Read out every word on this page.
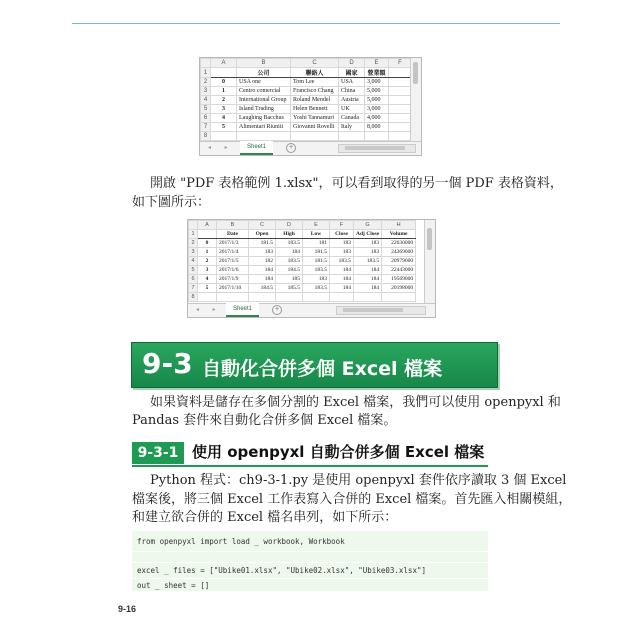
	A	B	C	D	E	F
1		公司	聯絡人	國家	營業額	
2	0	USA one	Tom Lee	USA	3,000	
3	1	Centro comercial	Francisco Chang	China	5,000	
4	2	International Group	Roland Mendel	Austria	5,000	
5	3	Island Trading	Helen Bennett	UK	3,000	
6	4	Laughing Bacchus	Yoshi Tannamuri	Canada	4,000	
7	5	Alimentari Riuniti	Giovanni Rovelli	Italy	8,000	
8						
◂ ▸	Sheet1	+
開啟 "PDF 表格範例 1.xlsx"，可以看到取得的另一個 PDF 表格資料，
如下圖所示：
	A	B	C	D	E	F	G	H
1		Date	Open	High	Low	Close	Adj Close	Volume
2	0	2017/1/3	181.5	183.5	181	183	183	22630000
3	1	2017/1/4	183	184	181.5	183	183	24369000
4	2	2017/1/5	182	183.5	181.5	183.5	183.5	20979000
5	3	2017/1/6	184	184.5	183.5	184	184	22443000
6	4	2017/1/9	184	185	183	184	184	19569000
7	5	2017/1/10	184.5	185.5	183.5	184	184	20198000
8								
◂ ▸	Sheet1	+
9-3 自動化合併多個 Excel 檔案
如果資料是儲存在多個分割的 Excel 檔案，我們可以使用 openpyxl 和
Pandas 套件來自動化合併多個 Excel 檔案。
9-3-1 使用 openpyxl 自動合併多個 Excel 檔案
Python 程式：ch9-3-1.py 是使用 openpyxl 套件依序讀取 3 個 Excel
檔案後，將三個 Excel 工作表寫入合併的 Excel 檔案。首先匯入相關模組，
和建立欲合併的 Excel 檔名串列，如下所示：
from openpyxl import load _ workbook, Workbook
excel _ files = ["Ubike01.xlsx", "Ubike02.xlsx", "Ubike03.xlsx"]
out _ sheet = []
9-16
